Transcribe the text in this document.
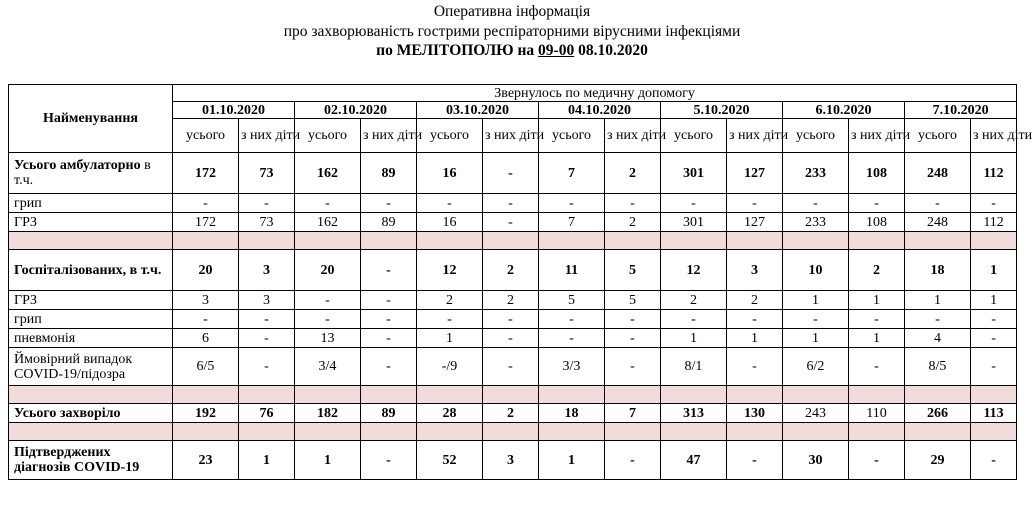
Оперативна інформація
про захворюваність гострими респіраторними вірусними інфекціями
по МЕЛІТОПОЛЮ на 09-00 08.10.2020
Найменування	Звернулось по медичну допомогу													
	01.10.2020		02.10.2020		03.10.2020		04.10.2020		5.10.2020		6.10.2020		7.10.2020	
	усього	з них діти	усього	з них діти	усього	з них діти	усього	з них діти	усього	з них діти	усього	з них діти	усього	з них діти
Усього амбулаторно в т.ч.	172	73	162	89	16	-	7	2	301	127	233	108	248	112
грип	-	-	-	-	-	-	-	-	-	-	-	-	-	-
ГРЗ	172	73	162	89	16	-	7	2	301	127	233	108	248	112

Госпіталізованих, в т.ч.	20	3	20	-	12	2	11	5	12	3	10	2	18	1
ГРЗ	3	3	-	-	2	2	5	5	2	2	1	1	1	1
грип	-	-	-	-	-	-	-	-	-	-	-	-	-	-
пневмонія	6	-	13	-	1	-	-	-	1	1	1	1	4	-
Ймовірний випадок COVID-19/підозра	6/5	-	3/4	-	-/9	-	3/3	-	8/1	-	6/2	-	8/5	-

Усього захворіло	192	76	182	89	28	2	18	7	313	130	243	110	266	113

Підтверджених діагнозів COVID-19	23	1	1	-	52	3	1	-	47	-	30	-	29	-
